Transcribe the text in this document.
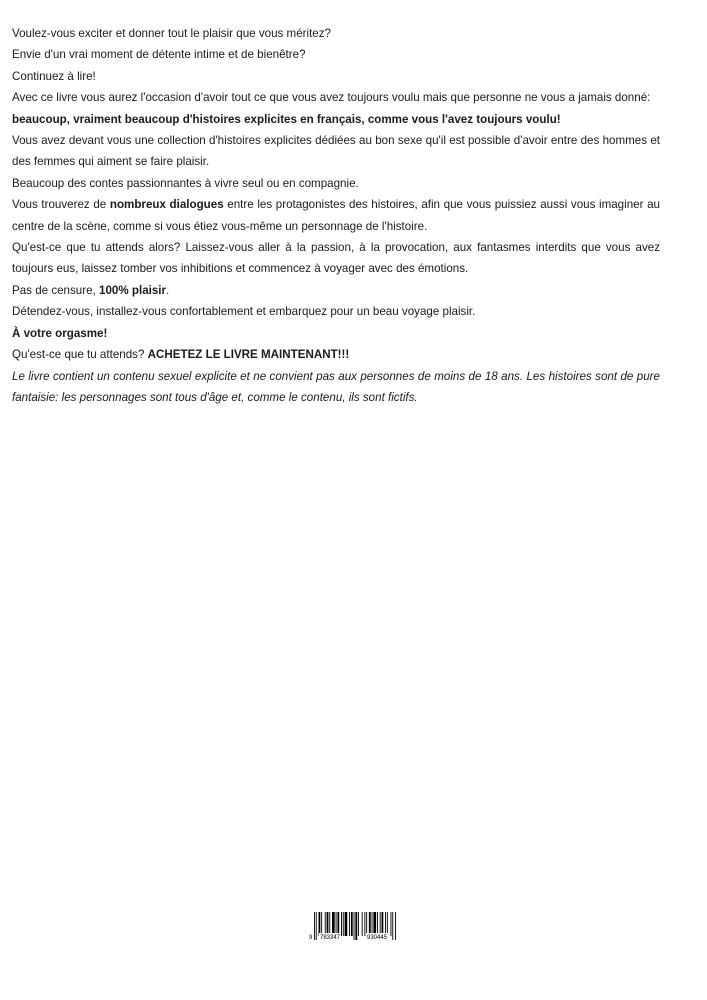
Voulez-vous exciter et donner tout le plaisir que vous méritez?

Envie d'un vrai moment de détente intime et de bienêtre?

Continuez à lire!

Avec ce livre vous aurez l'occasion d'avoir tout ce que vous avez toujours voulu mais que personne ne vous a jamais donné:

beaucoup, vraiment beaucoup d'histoires explicites en français, comme vous l'avez toujours voulu!

Vous avez devant vous une collection d'histoires explicites dédiées au bon sexe qu'il est possible d'avoir entre des hommes et des femmes qui aiment se faire plaisir.

Beaucoup des contes passionnantes à vivre seul ou en compagnie.

Vous trouverez de nombreux dialogues entre les protagonistes des histoires, afin que vous puissiez aussi vous imaginer au centre de la scène, comme si vous étiez vous-même un personnage de l'histoire.

Qu'est-ce que tu attends alors? Laissez-vous aller à la passion, à la provocation, aux fantasmes interdits que vous avez toujours eus, laissez tomber vos inhibitions et commencez à voyager avec des émotions.

Pas de censure, 100% plaisir.

Détendez-vous, installez-vous confortablement et embarquez pour un beau voyage plaisir.

À votre orgasme!

Qu'est-ce que tu attends? ACHETEZ LE LIVRE MAINTENANT!!!

Le livre contient un contenu sexuel explicite et ne convient pas aux personnes de moins de 18 ans. Les histoires sont de pure fantaisie: les personnages sont tous d'âge et, comme le contenu, ils sont fictifs.

9 783347	930445
